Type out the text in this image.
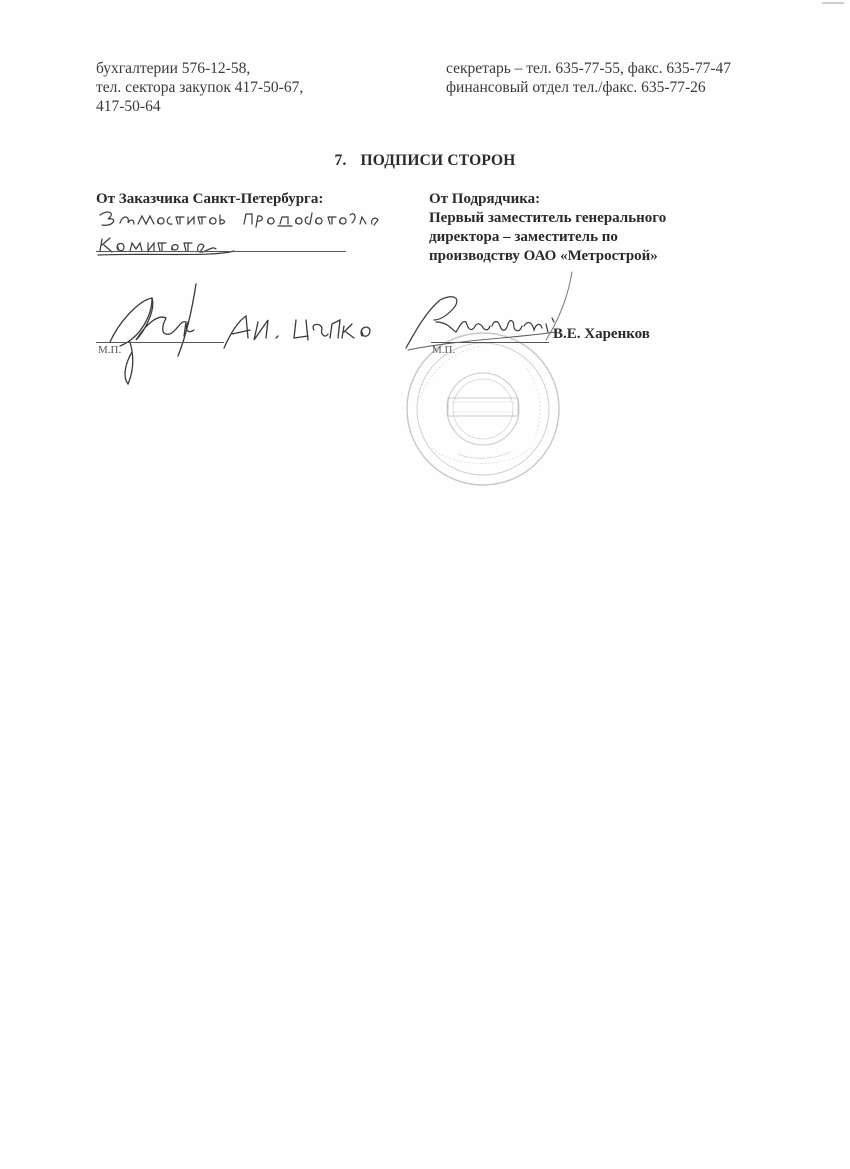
бухгалтерии 576-12-58,
тел. сектора закупок 417-50-67,
417-50-64
секретарь – тел. 635-77-55, факс. 635-77-47
финансовый отдел тел./факс. 635-77-26
7. ПОДПИСИ СТОРОН
От Заказчика Санкт-Петербурга:
М.П.
От Подрядчика:
Первый заместитель генерального
директора – заместитель по
производству ОАО «Метрострой»
М.П.
В.Е. Харенков
